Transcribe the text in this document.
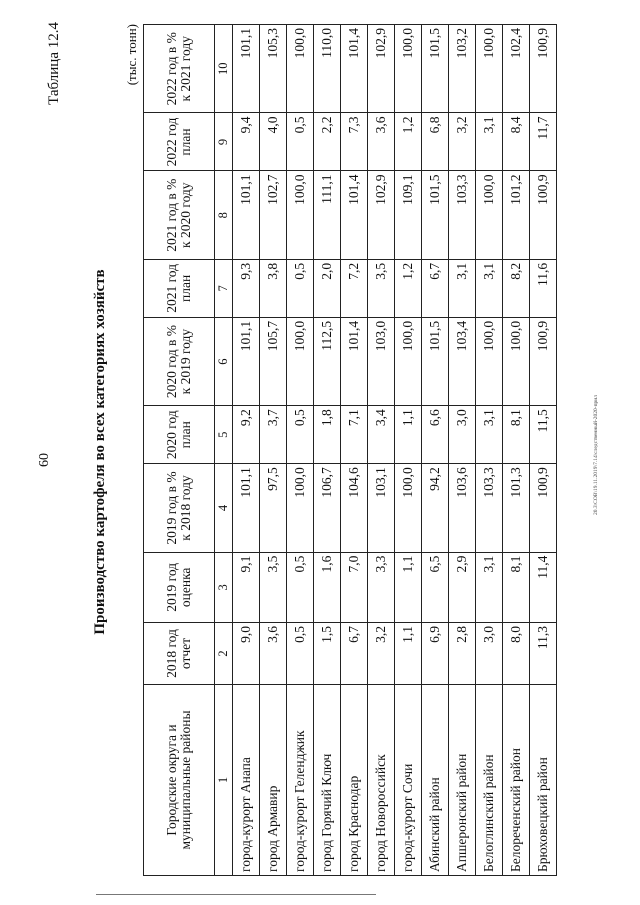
60
Таблица 12.4
Производство картофеля во всех категориях хозяйств
(тыс. тонн)
Городские округа и муниципальные районы	2018 год отчет	2019 год оценка	2019 год в % к 2018 году	2020 год план	2020 год в % к 2019 году	2021 год план	2021 год в % к 2020 году	2022 год план	2022 год в % к 2021 году
1	2	3	4	5	6	7	8	9	10
город-курорт Анапа	9,0	9,1	101,1	9,2	101,1	9,3	101,1	9,4	101,1
город Армавир	3,6	3,5	97,5	3,7	105,7	3,8	102,7	4,0	105,3
город-курорт Геленджик	0,5	0,5	100,0	0,5	100,0	0,5	100,0	0,5	100,0
город Горячий Ключ	1,5	1,6	106,7	1,8	112,5	2,0	111,1	2,2	110,0
город Краснодар	6,7	7,0	104,6	7,1	101,4	7,2	101,4	7,3	101,4
город Новороссийск	3,2	3,3	103,1	3,4	103,0	3,5	102,9	3,6	102,9
город-курорт Сочи	1,1	1,1	100,0	1,1	100,0	1,2	109,1	1,2	100,0
Абинский район	6,9	6,5	94,2	6,6	101,5	6,7	101,5	6,8	101,5
Апшеронский район	2,8	2,9	103,6	3,0	103,4	3,1	103,3	3,2	103,2
Белоглинский район	3,0	3,1	103,3	3,1	100,0	3,1	100,0	3,1	100,0
Белореченский район	8,0	8,1	101,3	8,1	100,0	8,2	101,2	8,4	102,4
Брюховецкий район	11,3	11,4	100,9	11,5	100,9	11,6	100,9	11,7	100,9
20.3\СОВ\19.11.2019\7.14\следственный-2020-прил
